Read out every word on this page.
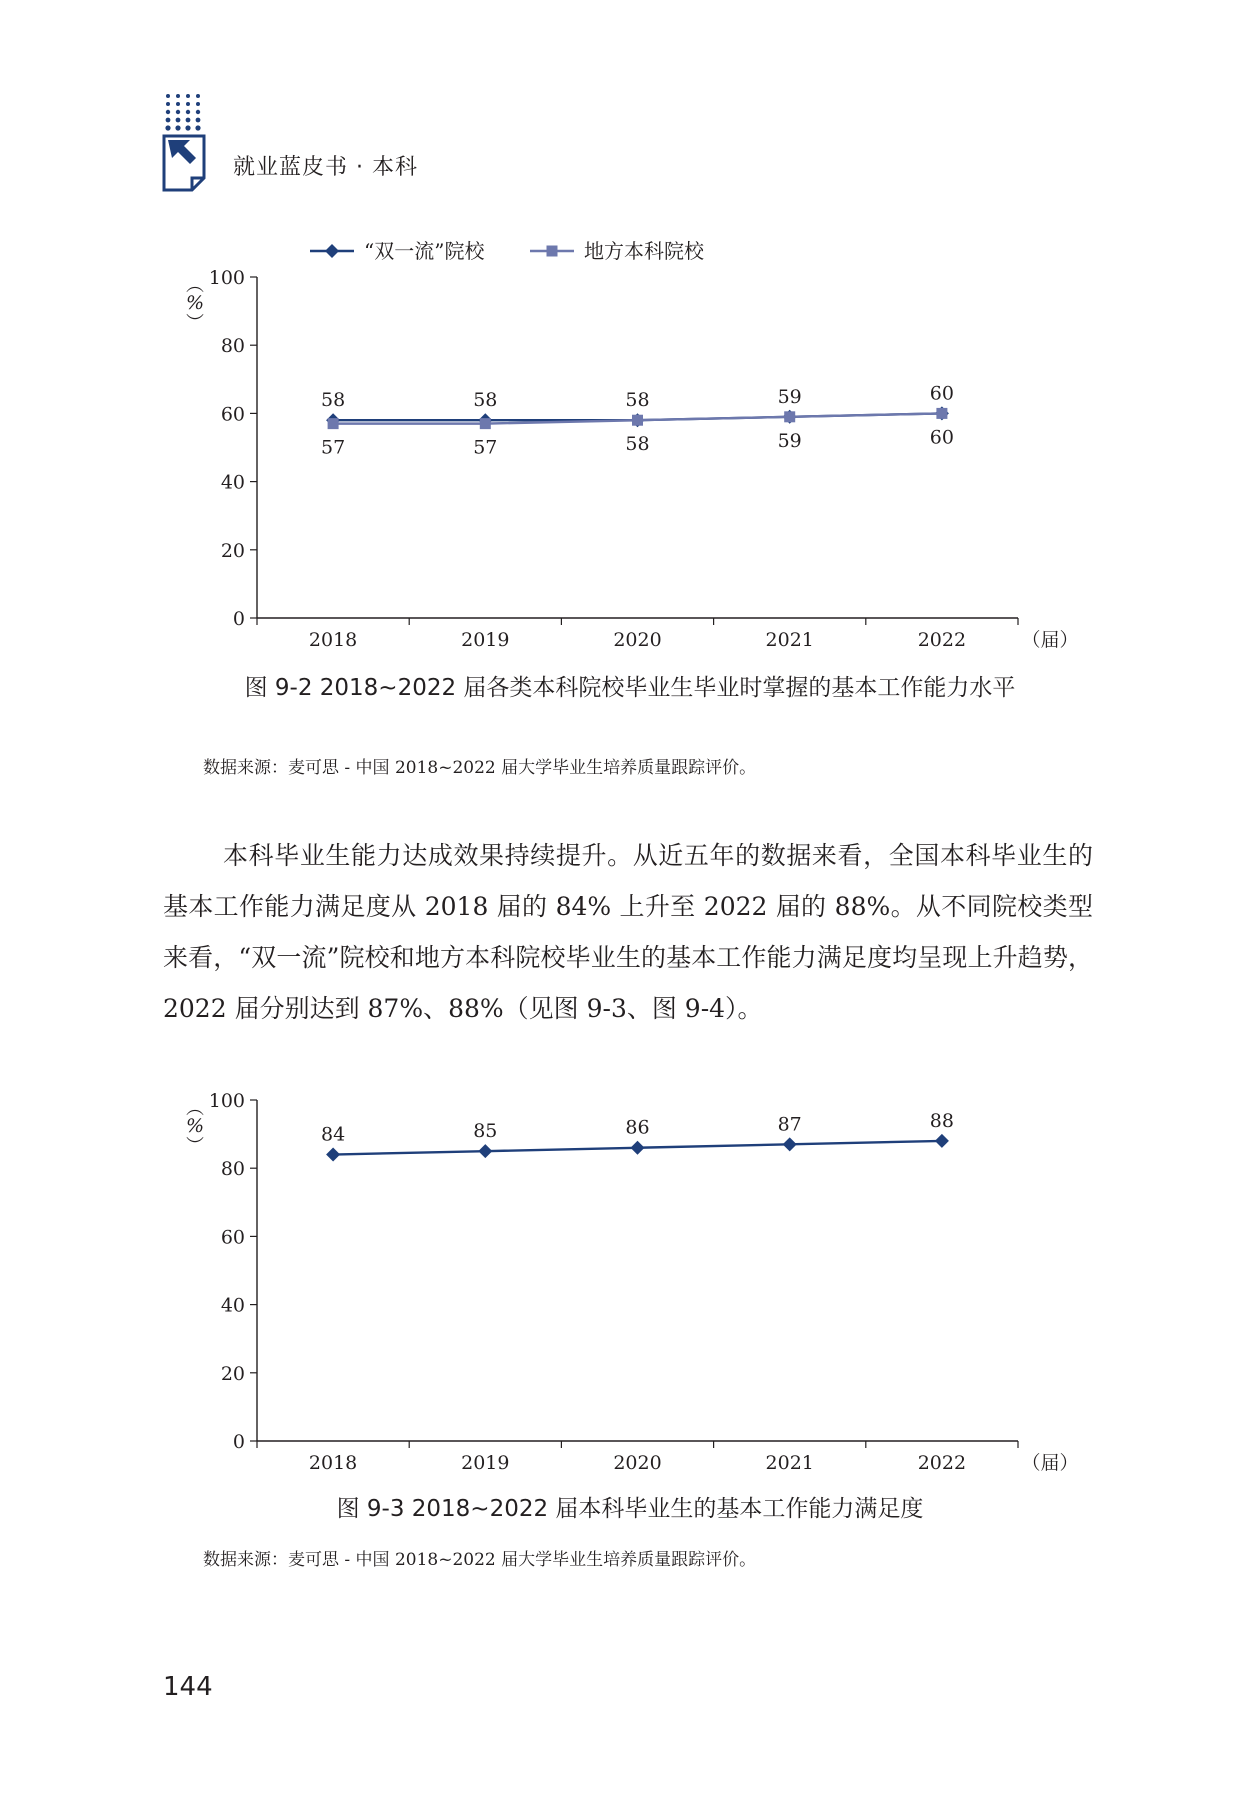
就业蓝皮书 · 本科
0
20
40
60
80
100
︵
%
︶
2018	2019	2020	2021	2022	（届）
58	58	58	59	60
57	57	58	59	60
“双一流”院校	地方本科院校
图 9-2 2018~2022 届各类本科院校毕业生毕业时掌握的基本工作能力水平
数据来源：麦可思 - 中国 2018~2022 届大学毕业生培养质量跟踪评价。
本科毕业生能力达成效果持续提升。从近五年的数据来看，全国本科毕业生的基本工作能力满足度从 2018 届的 84% 上升至 2022 届的 88%。从不同院校类型来看，“双一流”院校和地方本科院校毕业生的基本工作能力满足度均呈现上升趋势，2022 届分别达到 87%、88%（见图 9-3、图 9-4）。
0
20
40
60
80
100
︵
%
︶
2018	2019	2020	2021	2022	（届）
84	85	86	87	88
图 9-3 2018~2022 届本科毕业生的基本工作能力满足度
数据来源：麦可思 - 中国 2018~2022 届大学毕业生培养质量跟踪评价。
144
